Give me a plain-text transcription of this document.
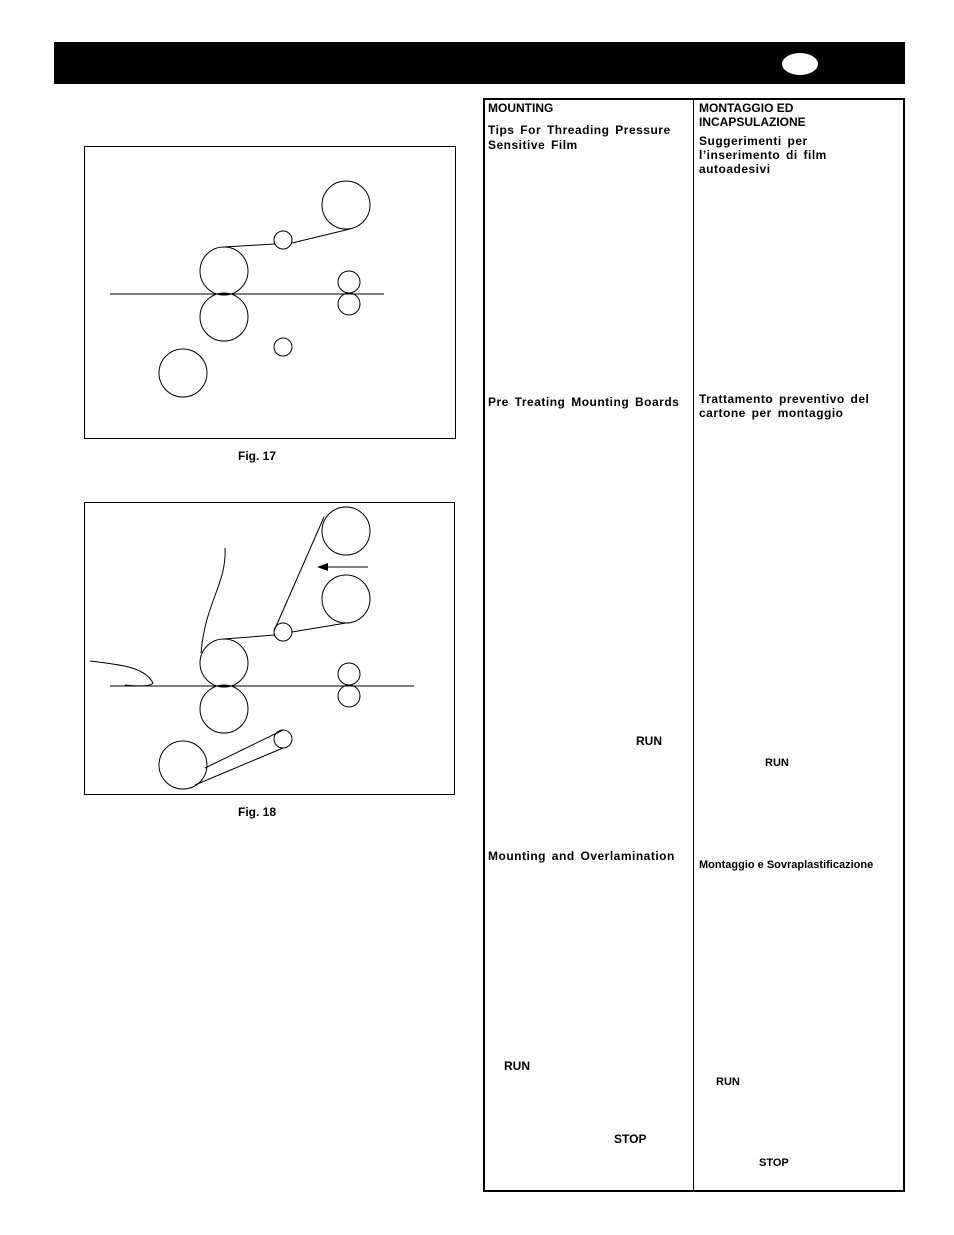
Fig. 17
Fig. 18
MOUNTING
Tips For Threading Pressure
Sensitive Film
Pre Treating Mounting Boards
RUN
Mounting and Overlamination
RUN
STOP
MONTAGGIO ED
INCAPSULAZIONE
Suggerimenti per
l’inserimento di film
autoadesivi
Trattamento preventivo del
cartone per montaggio
RUN
Montaggio e Sovraplastificazione
RUN
STOP
